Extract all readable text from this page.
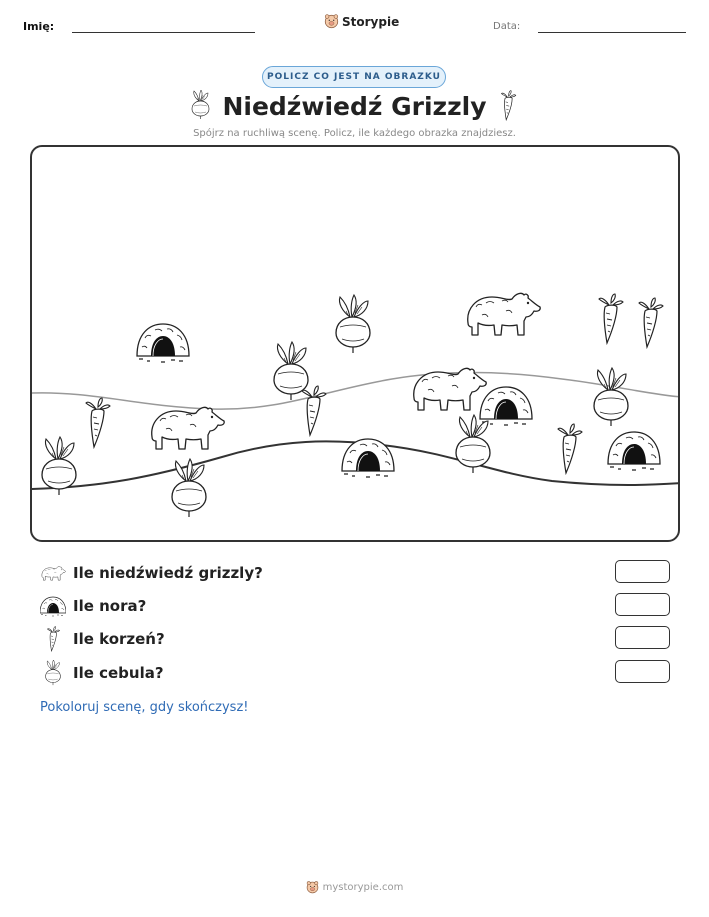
Imię:	Storypie	Data:
POLICZ CO JEST NA OBRAZKU
Niedźwiedź Grizzly
Spójrz na ruchliwą scenę. Policz, ile każdego obrazka znajdziesz.
Ile niedźwiedź grizzly?
Ile nora?
Ile korzeń?
Ile cebula?
Pokoloruj scenę, gdy skończysz!
mystorypie.com
